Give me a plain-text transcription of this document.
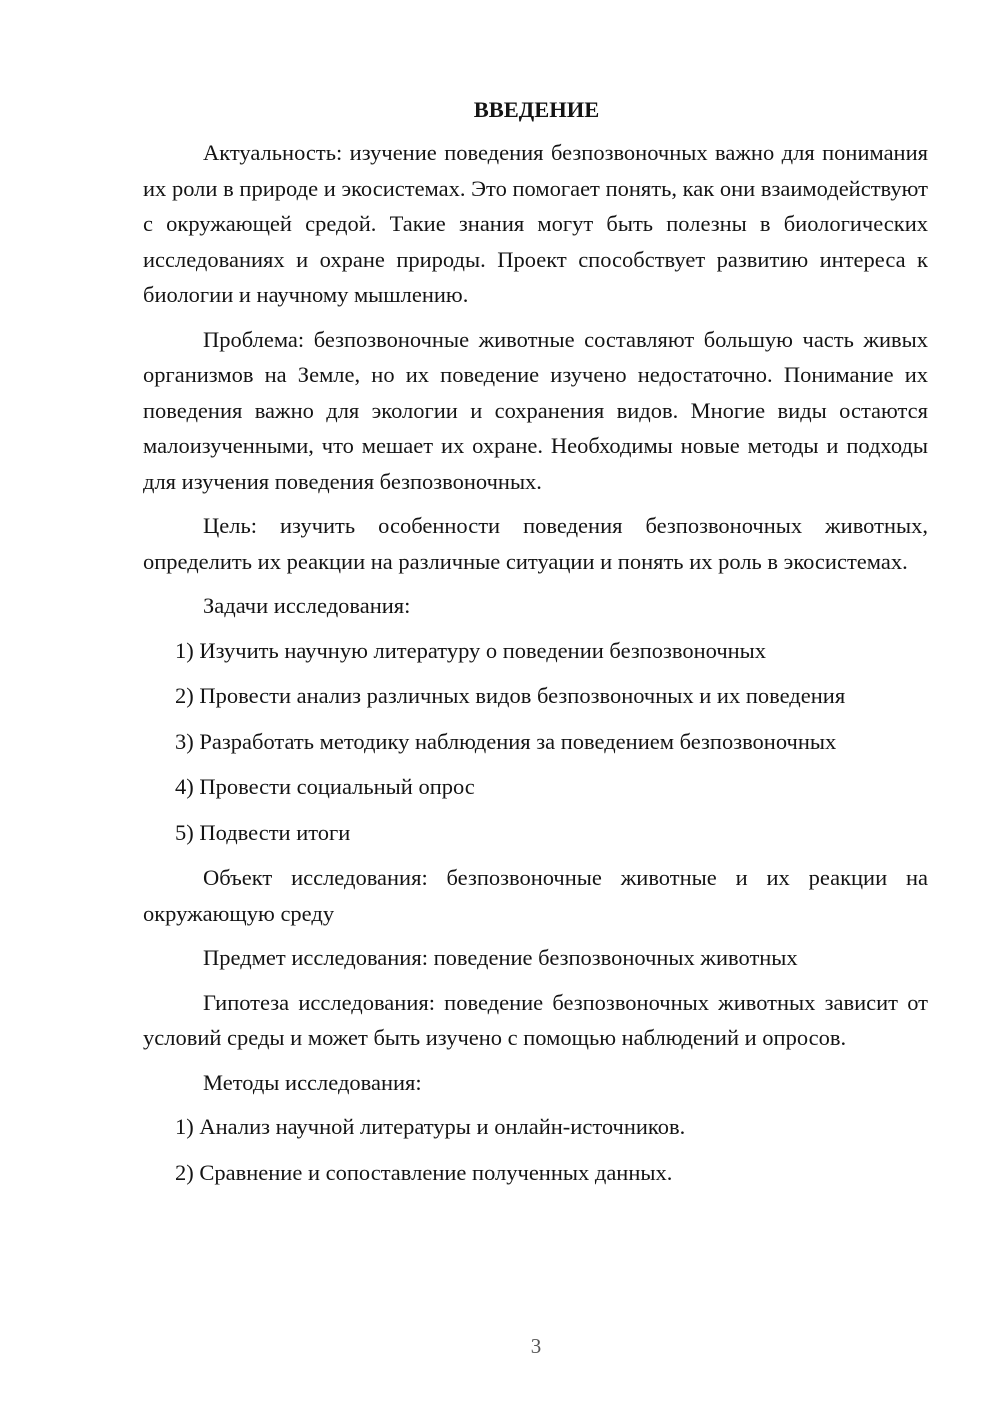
ВВЕДЕНИЕ

Актуальность: изучение поведения безпозвоночных важно для понимания их роли в природе и экосистемах. Это помогает понять, как они взаимодействуют с окружающей средой. Такие знания могут быть полезны в биологических исследованиях и охране природы. Проект способствует развитию интереса к биологии и научному мышлению.

Проблема: безпозвоночные животные составляют большую часть живых организмов на Земле, но их поведение изучено недостаточно. Понимание их поведения важно для экологии и сохранения видов. Многие виды остаются малоизученными, что мешает их охране. Необходимы новые методы и подходы для изучения поведения безпозвоночных.

Цель: изучить особенности поведения безпозвоночных животных, определить их реакции на различные ситуации и понять их роль в экосистемах.

Задачи исследования:

1) Изучить научную литературу о поведении безпозвоночных
2) Провести анализ различных видов безпозвоночных и их поведения
3) Разработать методику наблюдения за поведением безпозвоночных
4) Провести социальный опрос
5) Подвести итоги

Объект исследования: безпозвоночные животные и их реакции на окружающую среду

Предмет исследования: поведение безпозвоночных животных

Гипотеза исследования: поведение безпозвоночных животных зависит от условий среды и может быть изучено с помощью наблюдений и опросов.

Методы исследования:

1) Анализ научной литературы и онлайн-источников.
2) Сравнение и сопоставление полученных данных.
3
